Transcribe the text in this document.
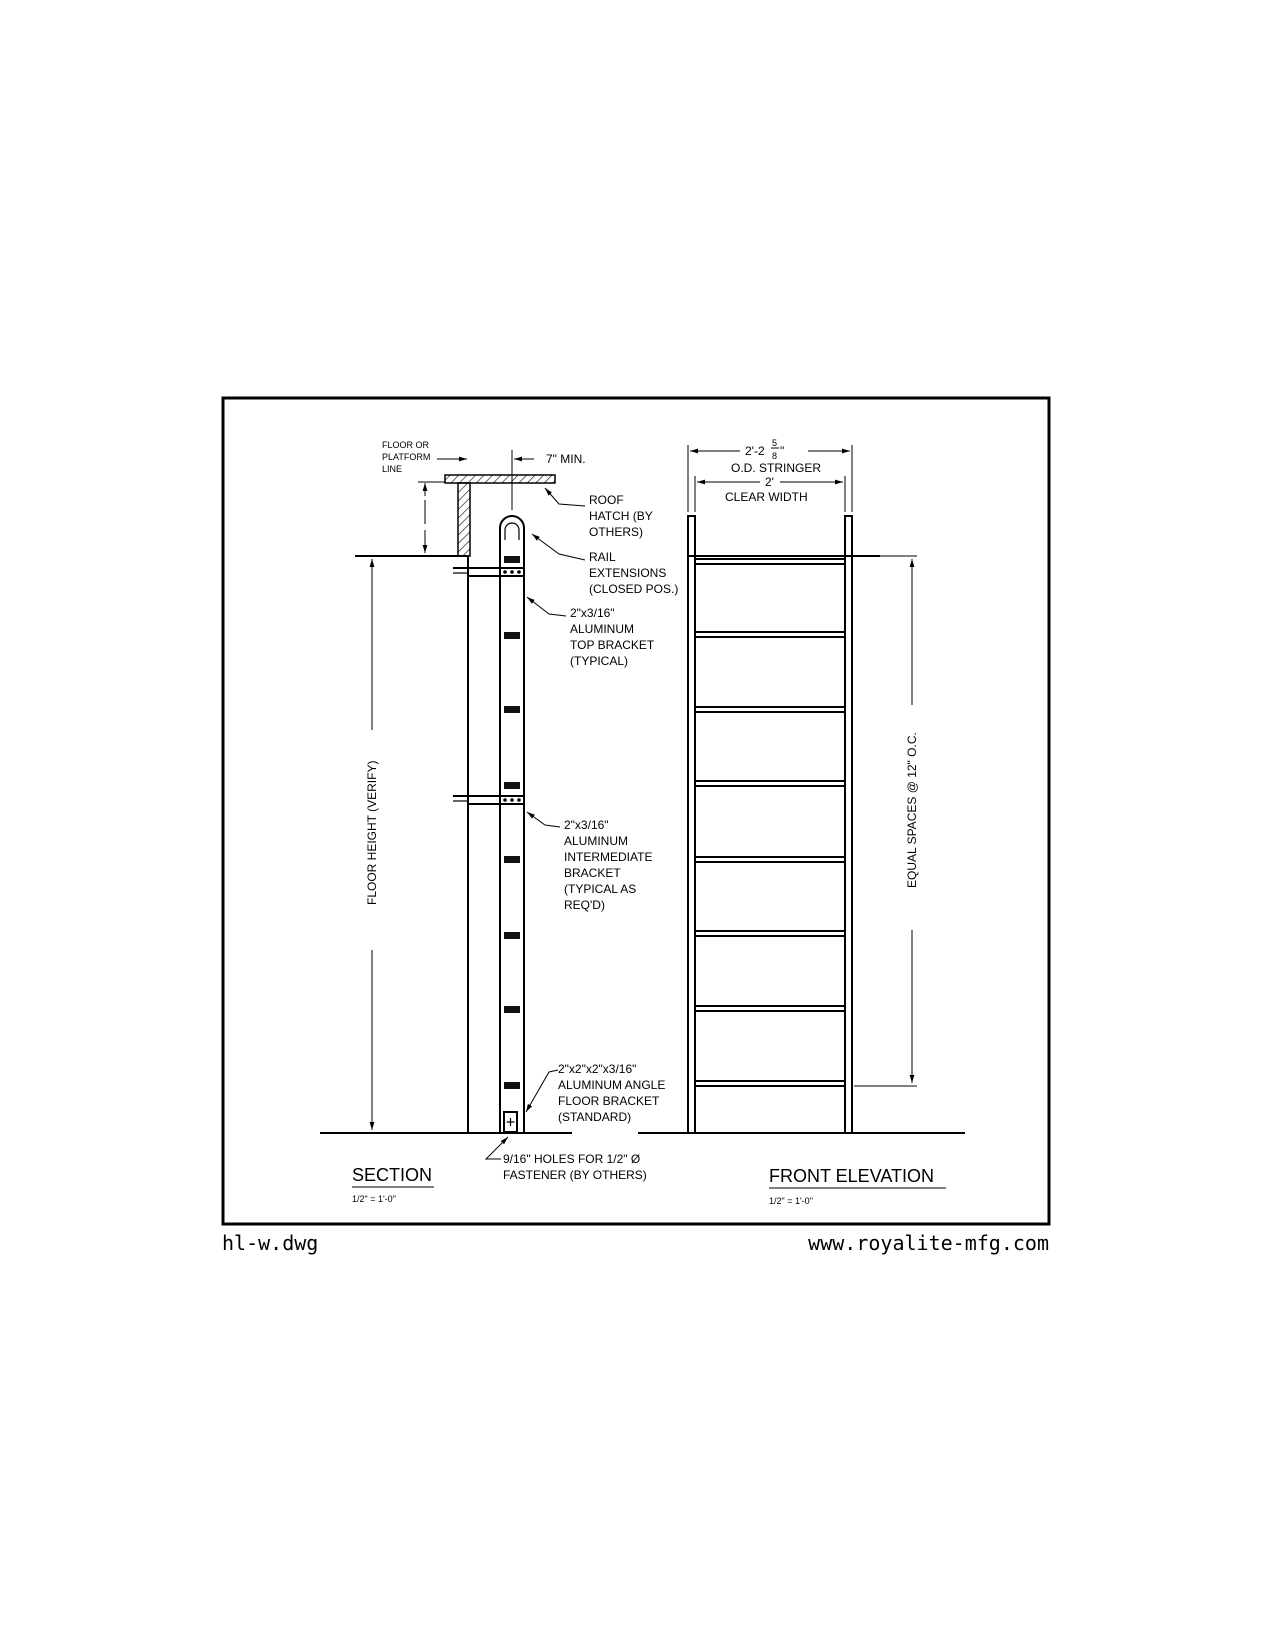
FLOOR OR PLATFORM LINE
7" MIN.
ROOF HATCH (BY OTHERS)
RAIL EXTENSIONS (CLOSED POS.)
2"x3/16" ALUMINUM TOP BRACKET (TYPICAL)
2"x3/16" ALUMINUM INTERMEDIATE BRACKET (TYPICAL AS REQ'D)
2"x2"x2"x3/16" ALUMINUM ANGLE FLOOR BRACKET (STANDARD)
9/16" HOLES FOR 1/2" Ø FASTENER (BY OTHERS)
FLOOR HEIGHT (VERIFY)
SECTION
1/2" = 1'-0"
2'-2
5
8 "
O.D. STRINGER
2'
CLEAR WIDTH
EQUAL SPACES @ 12" O.C.
FRONT ELEVATION
1/2" = 1'-0"
hl-w.dwg	www.royalite-mfg.com
